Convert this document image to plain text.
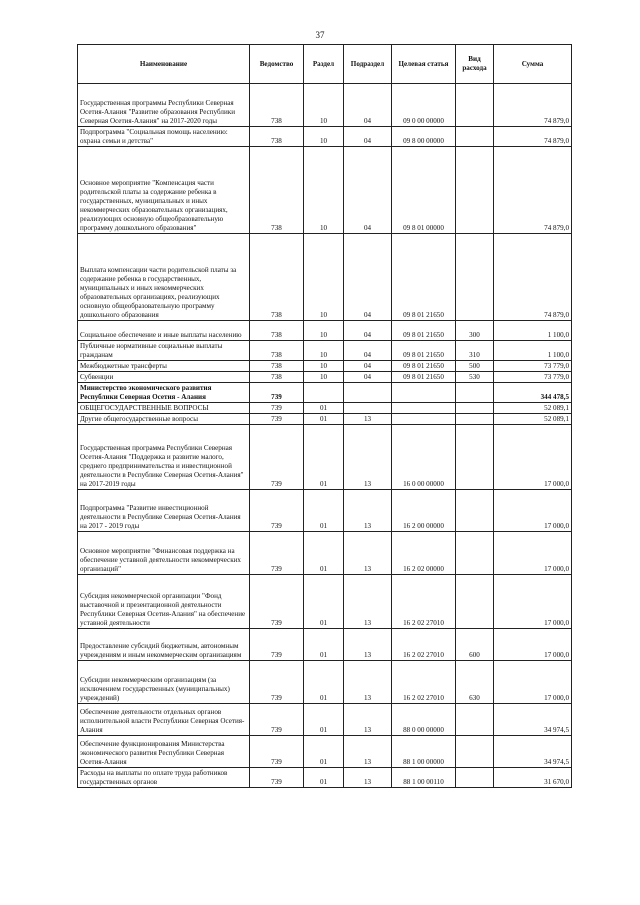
37
Наименование	Ведомство	Раздел	Подраздел	Целевая статья	Вид расхода	Сумма
Государственная программы Республики Северная Осетия-Алания "Развитие образования Республики Северная Осетия-Алания" на 2017-2020 годы	738	10	04	09 0 00 00000		74 879,0
Подпрограмма "Социальная помощь населению: охрана семьи и детства"	738	10	04	09 8 00 00000		74 879,0
Основное мероприятие "Компенсация части родительской платы за содержание ребенка в государственных, муниципальных и иных некоммерческих образовательных организациях, реализующих основную общеобразовательную программу дошкольного образования"	738	10	04	09 8 01 00000		74 879,0
Выплата компенсации части родительской платы за содержание ребенка в государственных, муниципальных и иных некоммерческих образовательных организациях, реализующих основную общеобразовательную программу дошкольного образования	738	10	04	09 8 01 21650		74 879,0
Социальное обеспечение и иные выплаты населению	738	10	04	09 8 01 21650	300	1 100,0
Публичные нормативные социальные выплаты гражданам	738	10	04	09 8 01 21650	310	1 100,0
Межбюджетные трансферты	738	10	04	09 8 01 21650	500	73 779,0
Субвенции	738	10	04	09 8 01 21650	530	73 779,0
Министерство экономического развития Республики Северная Осетия - Алания	739					344 478,5
ОБЩЕГОСУДАРСТВЕННЫЕ ВОПРОСЫ	739	01				52 089,1
Другие общегосударственные вопросы	739	01	13			52 089,1
Государственная программа Республики Северная Осетия-Алания "Поддержка и развитие малого, среднего предпринимательства и инвестиционной деятельности в Республике Северная Осетия-Алания" на 2017-2019 годы	739	01	13	16 0 00 00000		17 000,0
Подпрограмма "Развитие инвестиционной деятельности в Республике Северная Осетия-Алания на 2017 - 2019 годы	739	01	13	16 2 00 00000		17 000,0
Основное мероприятие "Финансовая поддержка на обеспечение уставной деятельности некоммерческих организаций"	739	01	13	16 2 02 00000		17 000,0
Субсидия некоммерческой организации "Фонд выставочной и презентационной деятельности Республики Северная Осетия-Алания" на обеспечение уставной деятельности	739	01	13	16 2 02 27010		17 000,0
Предоставление субсидий бюджетным, автономным учреждениям и иным некоммерческим организациям	739	01	13	16 2 02 27010	600	17 000,0
Субсидии некоммерческим организациям (за исключением государственных (муниципальных) учреждений)	739	01	13	16 2 02 27010	630	17 000,0
Обеспечение деятельности отдельных органов исполнительной власти Республики Северная Осетия-Алания	739	01	13	88 0 00 00000		34 974,5
Обеспечение функционирования Министерства экономического развития Республики Северная Осетия-Алания	739	01	13	88 1 00 00000		34 974,5
Расходы на выплаты по оплате труда работников государственных органов	739	01	13	88 1 00 00110		31 670,0
